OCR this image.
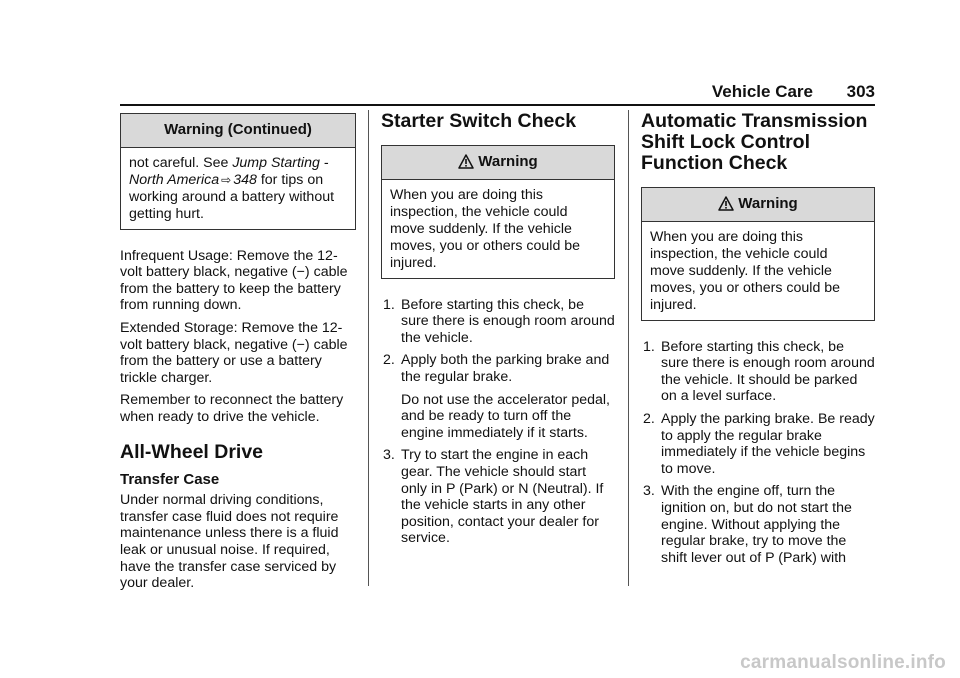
Vehicle Care 303
Warning (Continued)
not careful. See Jump Starting - North America ⇨ 348 for tips on working around a battery without getting hurt.

Infrequent Usage: Remove the 12-volt battery black, negative (−) cable from the battery to keep the battery from running down.

Extended Storage: Remove the 12-volt battery black, negative (−) cable from the battery or use a battery trickle charger.

Remember to reconnect the battery when ready to drive the vehicle.

All-Wheel Drive
Transfer Case

Under normal driving conditions, transfer case fluid does not require maintenance unless there is a fluid leak or unusual noise. If required, have the transfer case serviced by your dealer.

Starter Switch Check
Warning
When you are doing this inspection, the vehicle could move suddenly. If the vehicle moves, you or others could be injured.
1. Before starting this check, be sure there is enough room around the vehicle.

2. Apply both the parking brake and the regular brake.

Do not use the accelerator pedal, and be ready to turn off the engine immediately if it starts.

3. Try to start the engine in each gear. The vehicle should start only in P (Park) or N (Neutral). If the vehicle starts in any other position, contact your dealer for service.

Automatic Transmission Shift Lock Control Function Check
Warning
When you are doing this inspection, the vehicle could move suddenly. If the vehicle moves, you or others could be injured.
1. Before starting this check, be sure there is enough room around the vehicle. It should be parked on a level surface.

2. Apply the parking brake. Be ready to apply the regular brake immediately if the vehicle begins to move.

3. With the engine off, turn the ignition on, but do not start the engine. Without applying the regular brake, try to move the shift lever out of P (Park) with

carmanualsonline.info
